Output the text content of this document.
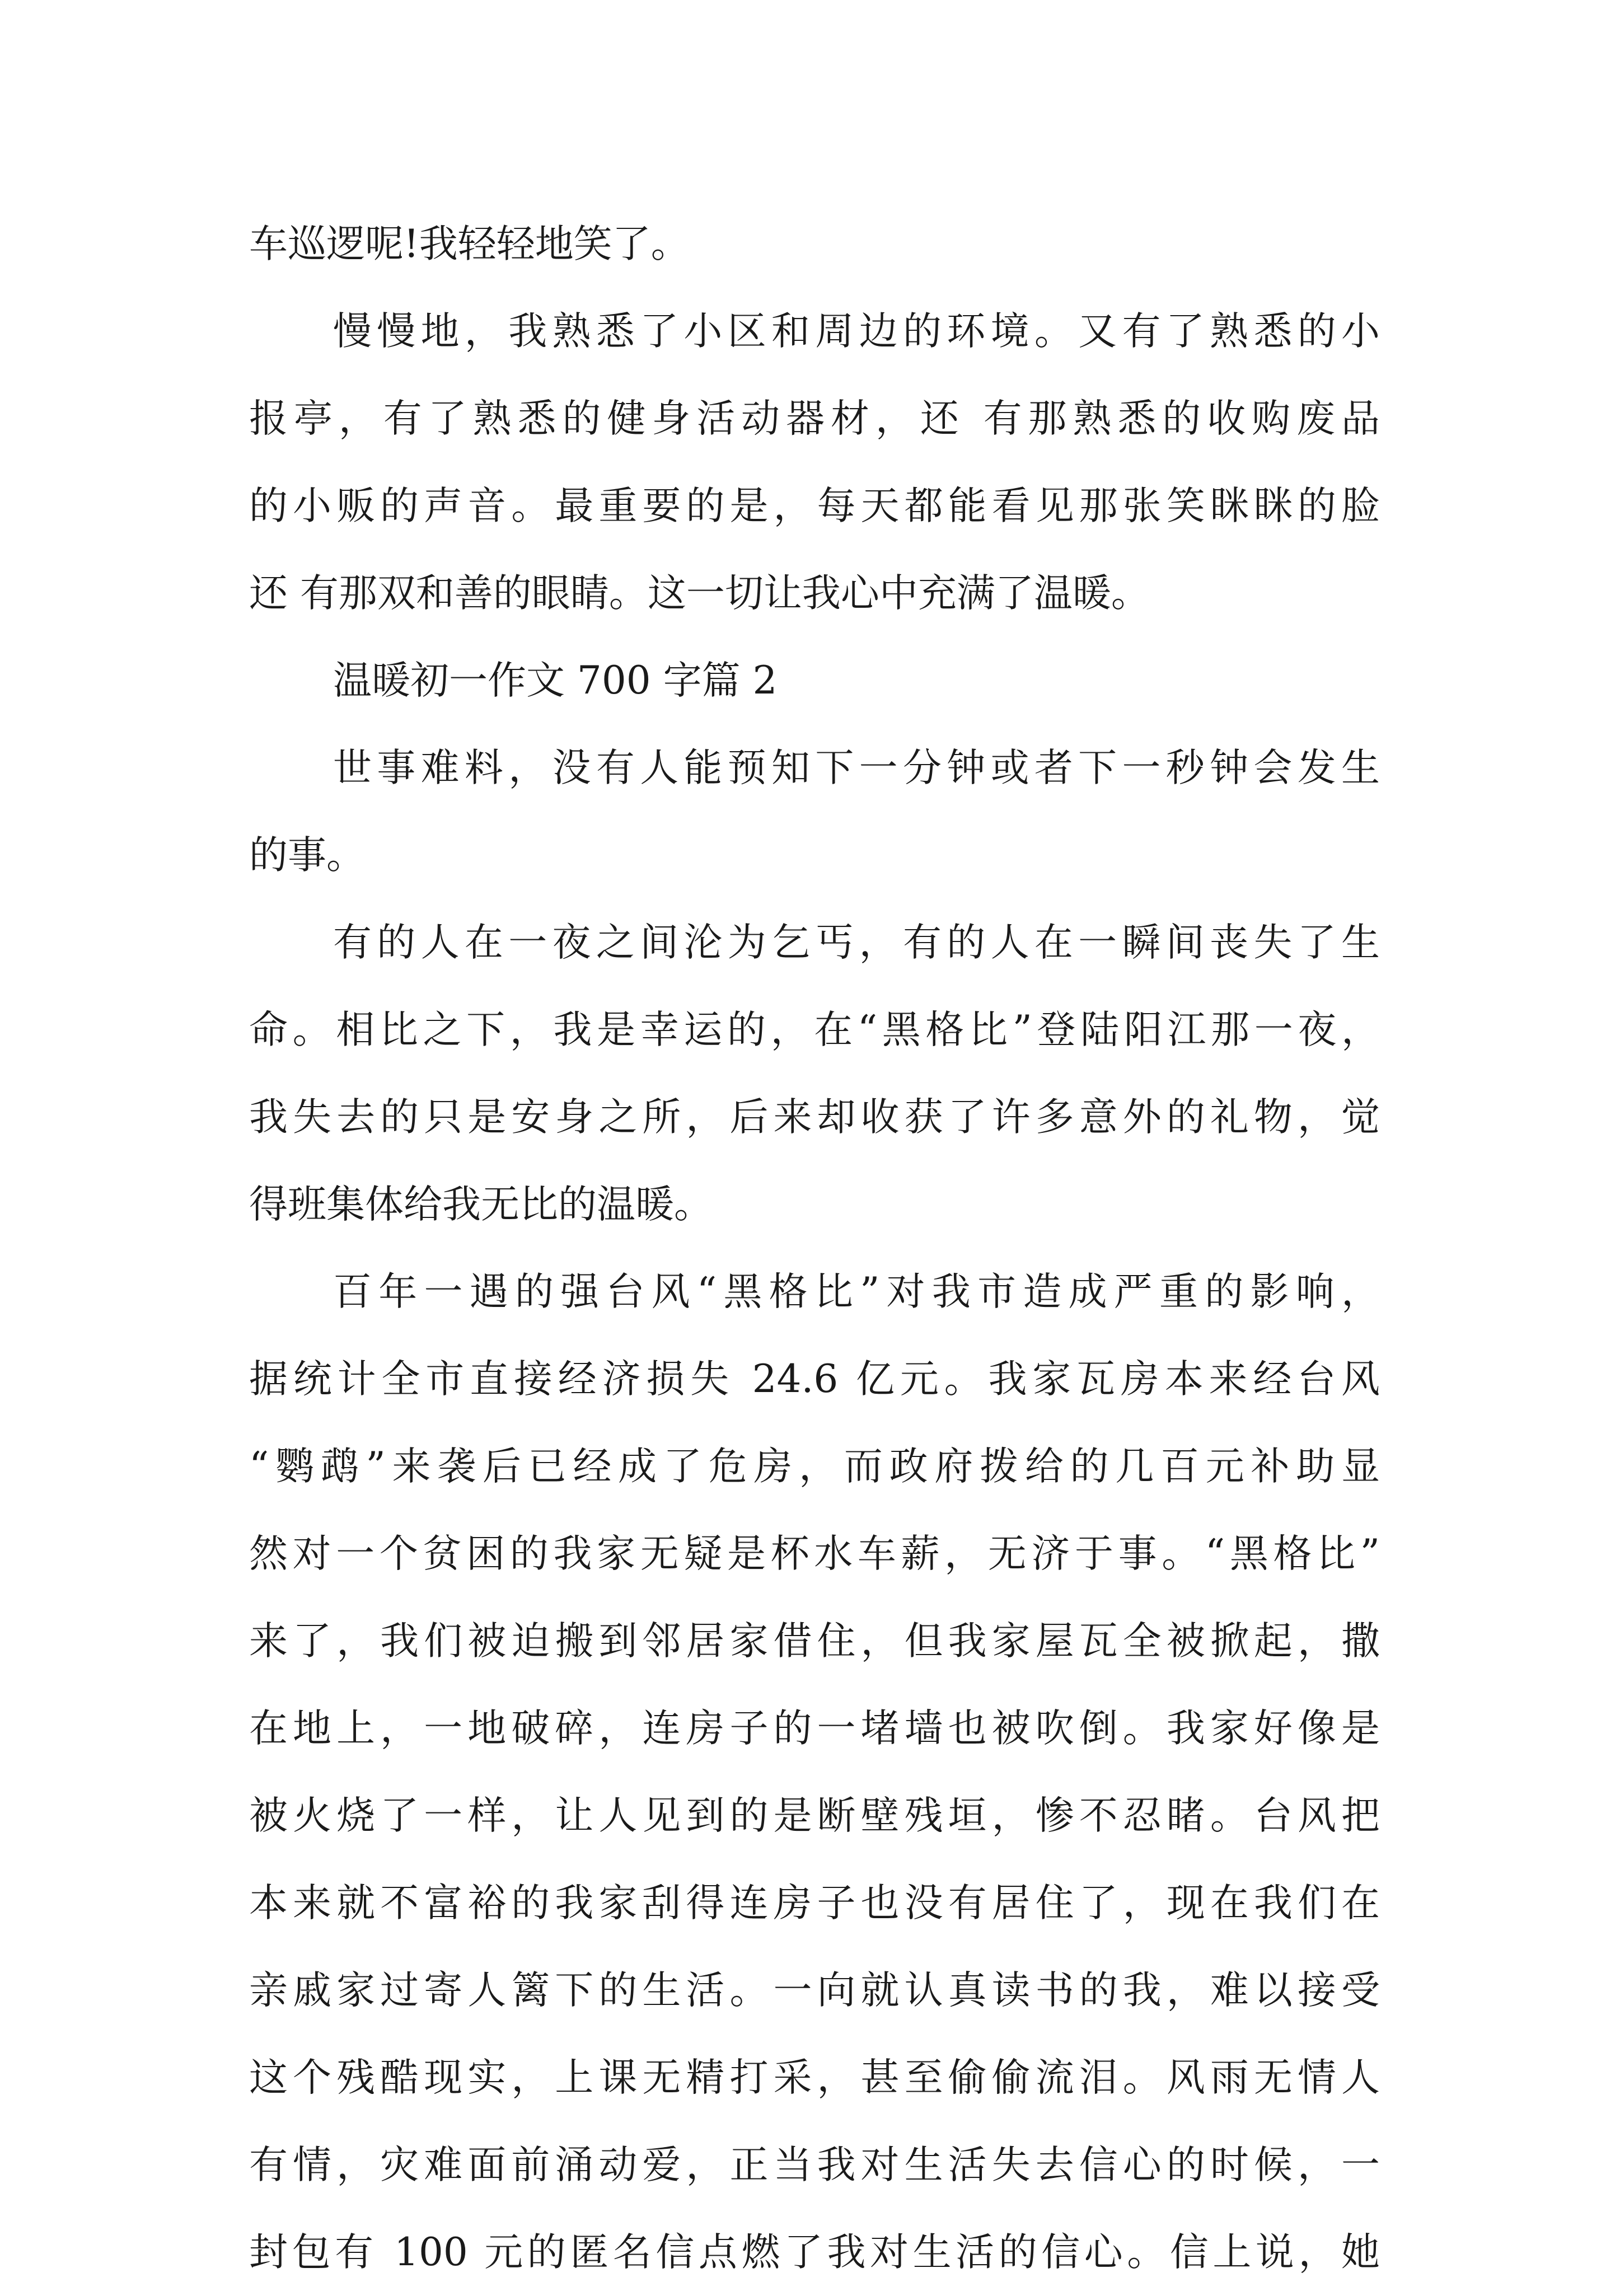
车巡逻呢!我轻轻地笑了。
慢慢地，我熟悉了小区和周边的环境。又有了熟悉的小
报亭，有了熟悉的健身活动器材，还 有那熟悉的收购废品
的小贩的声音。最重要的是，每天都能看见那张笑眯眯的脸
还 有那双和善的眼睛。这一切让我心中充满了温暖。
温暖初一作文 700 字篇 2
世事难料，没有人能预知下一分钟或者下一秒钟会发生
的事。
有的人在一夜之间沦为乞丐，有的人在一瞬间丧失了生
命。相比之下，我是幸运的，在“黑格比”登陆阳江那一夜，
我失去的只是安身之所，后来却收获了许多意外的礼物，觉
得班集体给我无比的温暖。
百年一遇的强台风“黑格比”对我市造成严重的影响，
据统计全市直接经济损失 24.6 亿元。我家瓦房本来经台风
“鹦鹉”来袭后已经成了危房，而政府拨给的几百元补助显
然对一个贫困的我家无疑是杯水车薪，无济于事。“黑格比”
来了，我们被迫搬到邻居家借住，但我家屋瓦全被掀起，撒
在地上，一地破碎，连房子的一堵墙也被吹倒。我家好像是
被火烧了一样，让人见到的是断壁残垣，惨不忍睹。台风把
本来就不富裕的我家刮得连房子也没有居住了，现在我们在
亲戚家过寄人篱下的生活。一向就认真读书的我，难以接受
这个残酷现实，上课无精打采，甚至偷偷流泪。风雨无情人
有情，灾难面前涌动爱，正当我对生活失去信心的时候，一
封包有 100 元的匿名信点燃了我对生活的信心。信上说，她
